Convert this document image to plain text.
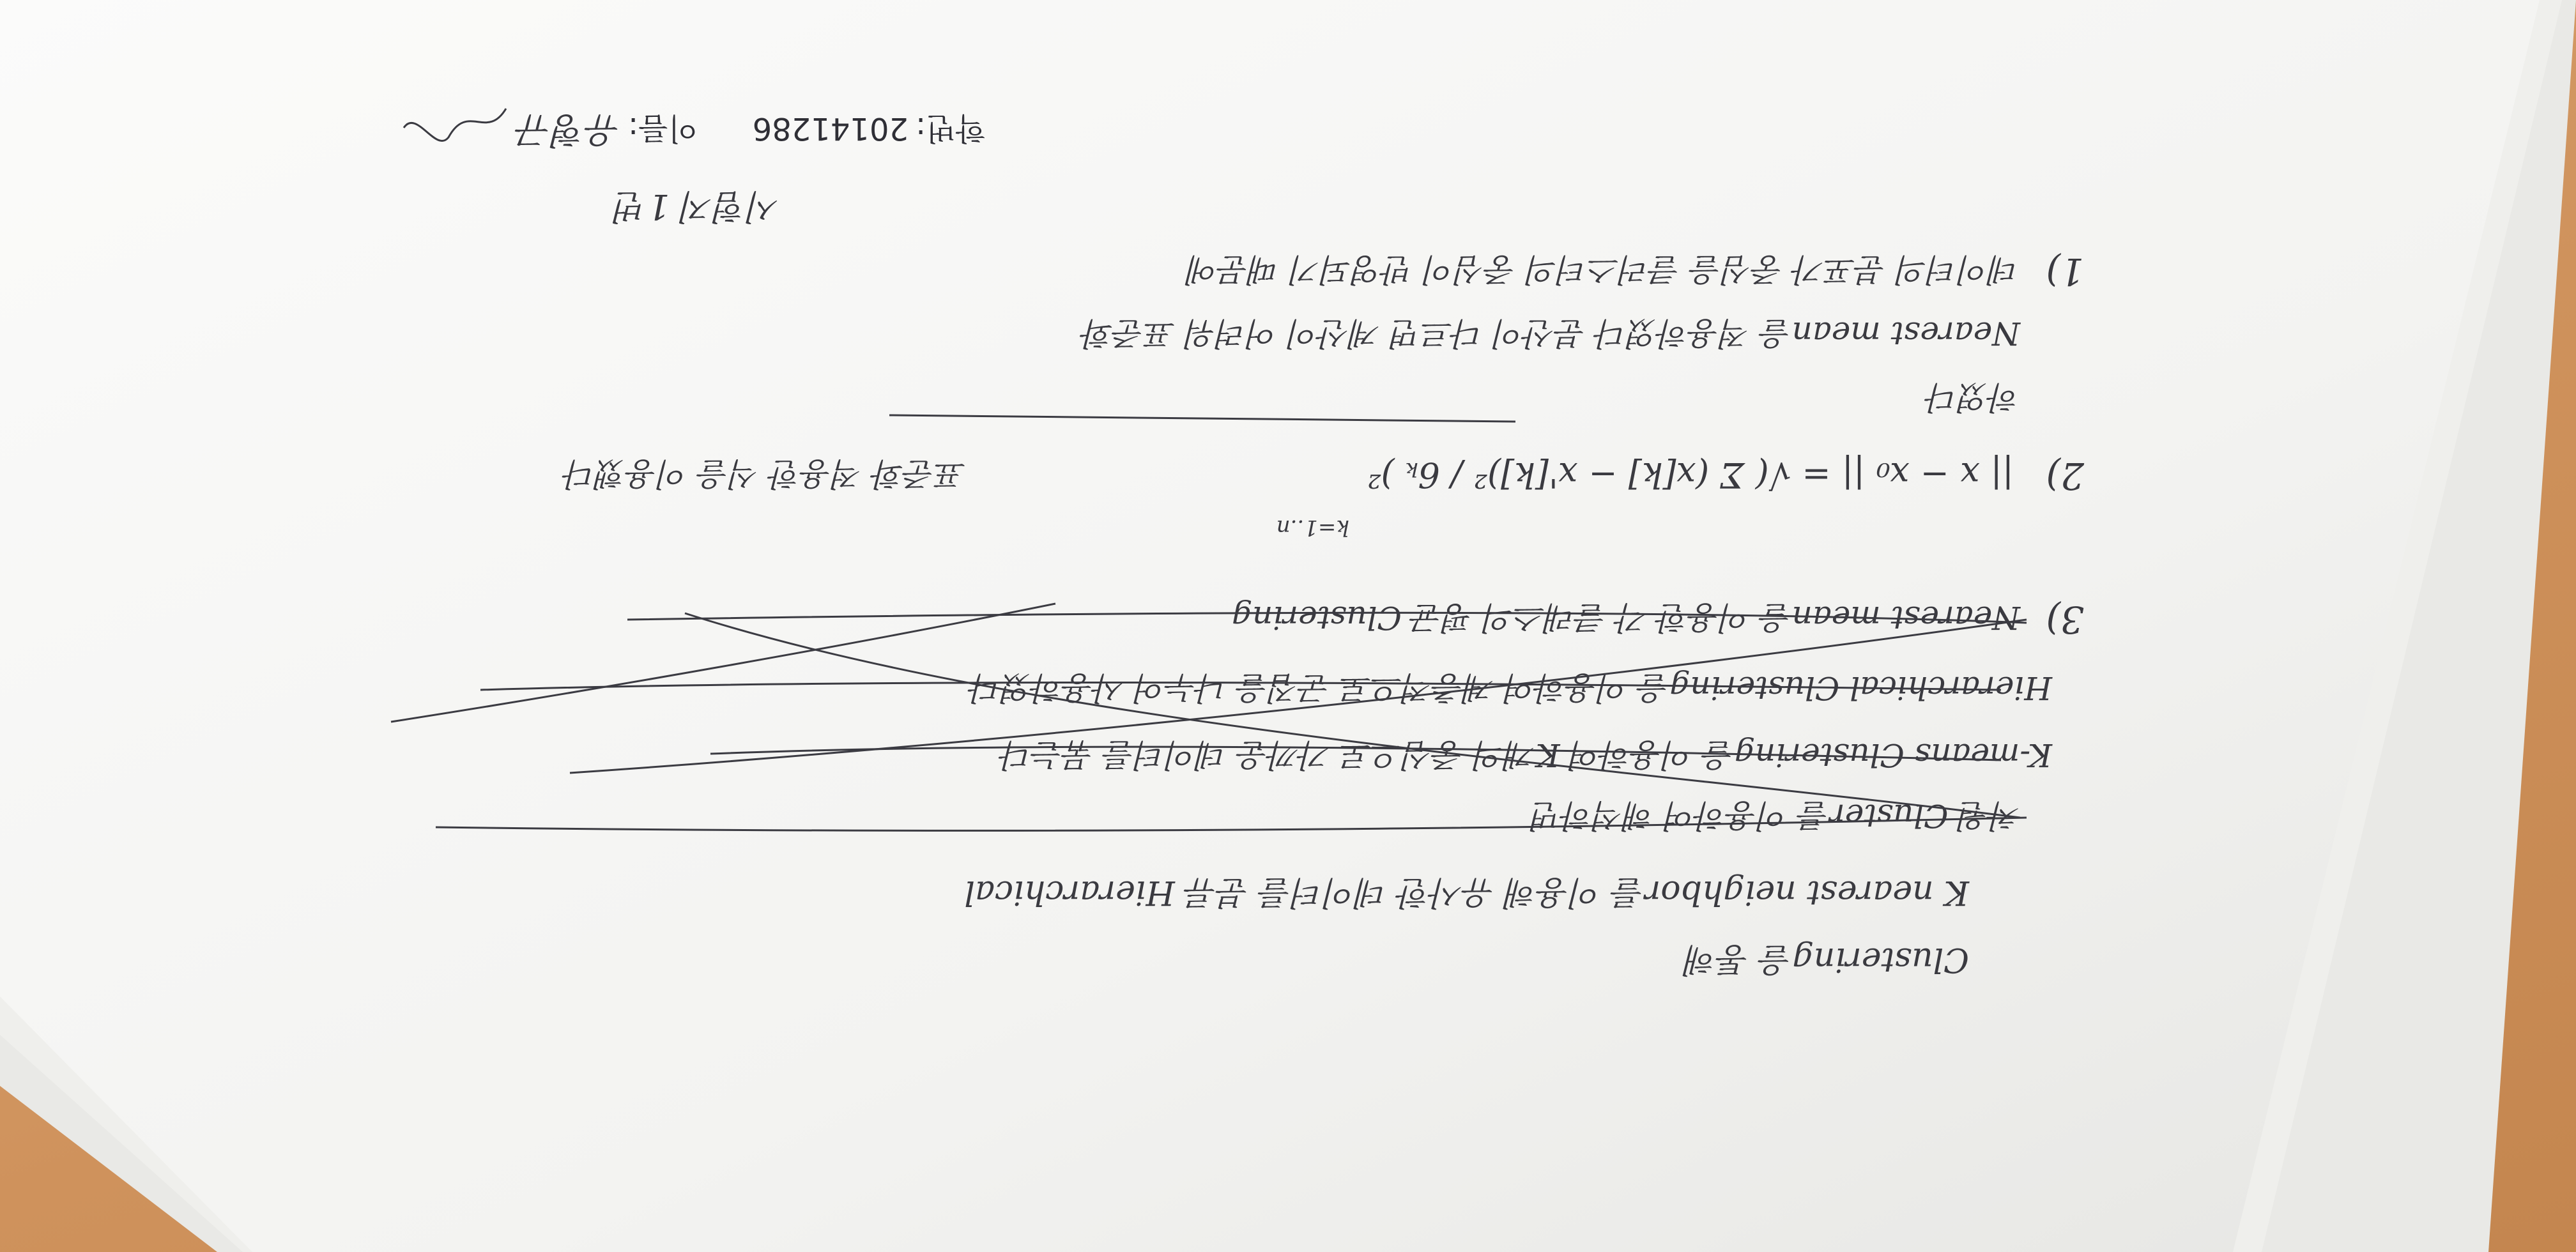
학번:
20141286
이름:
유형규
시험지 1번
1)
데이터의 분포가 중심을 클러스터의 중심이 반영되기 때문에
Nearest mean을 적용하였다 분산이 다르면 계산이 어려워 표준화
하였다
2)
|| x − x₀ || = √( Σ (x[k] − x'[k])² / 6ₖ )²
k=1..n
표준화 적용한 식을 이용했다
3)
Nearest mean을 이용한 각 클래스의 평균 Clustering
Hierarchical Clustering을 이용하여 계층적으로 군집을 나누어 사용하였다
K-means Clustering을 이용하여 K개의 중심으로 가까운 데이터를 묶는다
차원 Cluster를 이용하여 해석하면
K nearest neighbor를 이용해 유사한 데이터를 분류 Hierarchical
Clustering을 통해
